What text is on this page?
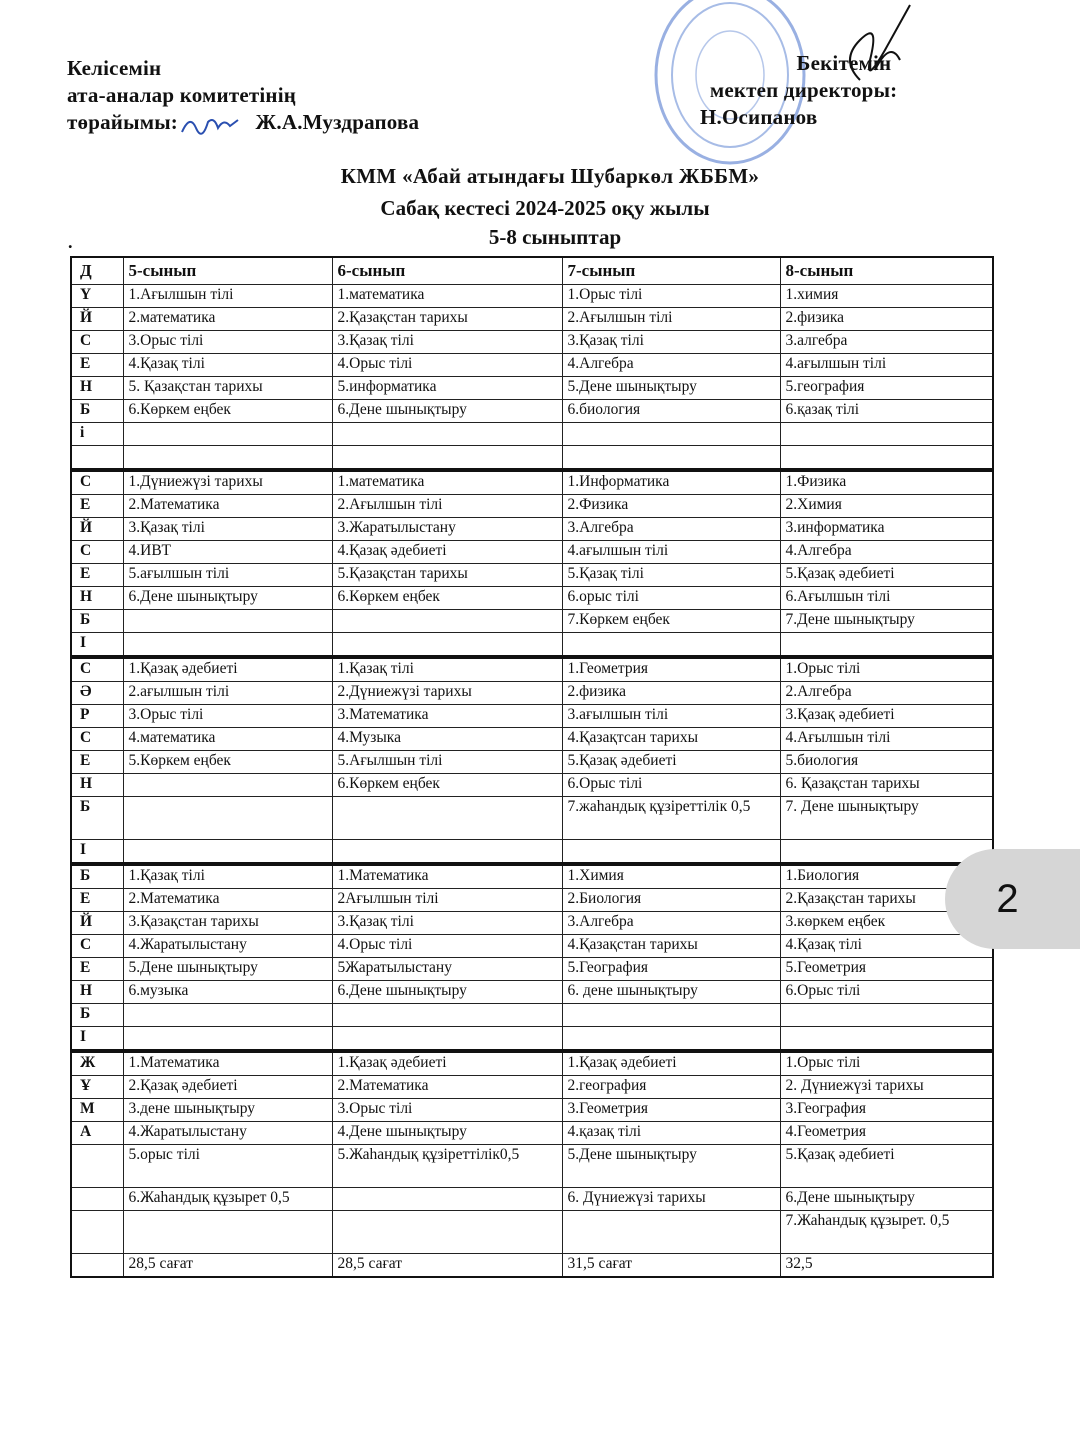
Келісемін
ата-аналар комитетінің
төрайымы:	Ж.А.Муздрапова
Бекітемін
мектеп директоры:
Н.Осипанов
КММ «Абай атындағы Шубаркөл ЖББМ»
Сабақ кестесі 2024-2025 оқу жылы
5-8 сыныптар
.
Д	5-сынып	6-сынып	7-сынып	8-сынып
Ү	1.Ағылшын тілі	1.математика	1.Орыс тілі	1.химия
Й	2.математика	2.Қазақстан тарихы	2.Ағылшын тілі	2.физика
С	3.Орыс тілі	3.Қазақ тілі	3.Қазақ тілі	3.алгебра
Е	4.Қазақ тілі	4.Орыс тілі	4.Алгебра	4.ағылшын тілі
Н	5. Қазақстан тарихы	5.информатика	5.Дене шынықтыру	5.география
Б	6.Көркем еңбек	6.Дене шынықтыру	6.биология	6.қазақ тілі
і				

С	1.Дүниежүзі тарихы	1.математика	1.Информатика	1.Физика
Е	2.Математика	2.Ағылшын тілі	2.Физика	2.Химия
Й	3.Қазақ тілі	3.Жаратылыстану	3.Алгебра	3.информатика
С	4.ИВТ	4.Қазақ әдебиеті	4.ағылшын тілі	4.Алгебра
Е	5.ағылшын тілі	5.Қазақстан тарихы	5.Қазақ тілі	5.Қазақ әдебиеті
Н	6.Дене шынықтыру	6.Көркем еңбек	6.орыс тілі	6.Ағылшын тілі
Б			7.Көркем еңбек	7.Дене шынықтыру
І				
С	1.Қазақ әдебиеті	1.Қазақ тілі	1.Геометрия	1.Орыс тілі
Ә	2.ағылшын тілі	2.Дүниежүзі тарихы	2.физика	2.Алгебра
Р	3.Орыс тілі	3.Математика	3.ағылшын тілі	3.Қазақ әдебиеті
С	4.математика	4.Музыка	4.Қазақтсан тарихы	4.Ағылшын тілі
Е	5.Көркем еңбек	5.Ағылшын тілі	5.Қазақ әдебиеті	5.биология
Н		6.Көркем еңбек	6.Орыс тілі	6. Қазақстан тарихы
Б			7.жаһандық құзіреттілік 0,5	7. Дене шынықтыру
І				
Б	1.Қазақ тілі	1.Математика	1.Химия	1.Биология
Е	2.Математика	2Ағылшын тілі	2.Биология	2.Қазақстан тарихы
Й	3.Қазақстан тарихы	3.Қазақ тілі	3.Алгебра	3.көркем еңбек
С	4.Жаратылыстану	4.Орыс тілі	4.Қазақстан тарихы	4.Қазақ тілі
Е	5.Дене шынықтыру	5Жаратылыстану	5.География	5.Геометрия
Н	6.музыка	6.Дене шынықтыру	6. дене шынықтыру	6.Орыс тілі
Б				
І				
Ж	1.Математика	1.Қазақ әдебиеті	1.Қазақ әдебиеті	1.Орыс тілі
Ұ	2.Қазақ әдебиеті	2.Математика	2.география	2. Дүниежүзі тарихы
М	3.дене шынықтыру	3.Орыс тілі	3.Геометрия	3.География
А	4.Жаратылыстану	4.Дене шынықтыру	4.қазақ тілі	4.Геометрия
	5.орыс тілі	5.Жаһандық құзіреттілік0,5	5.Дене шынықтыру	5.Қазақ әдебиеті
	6.Жаһандық құзырет 0,5		6. Дүниежүзі тарихы	6.Дене шынықтыру
				7.Жаһандық құзырет. 0,5
	28,5 сағат	28,5 сағат	31,5 сағат	32,5
2
